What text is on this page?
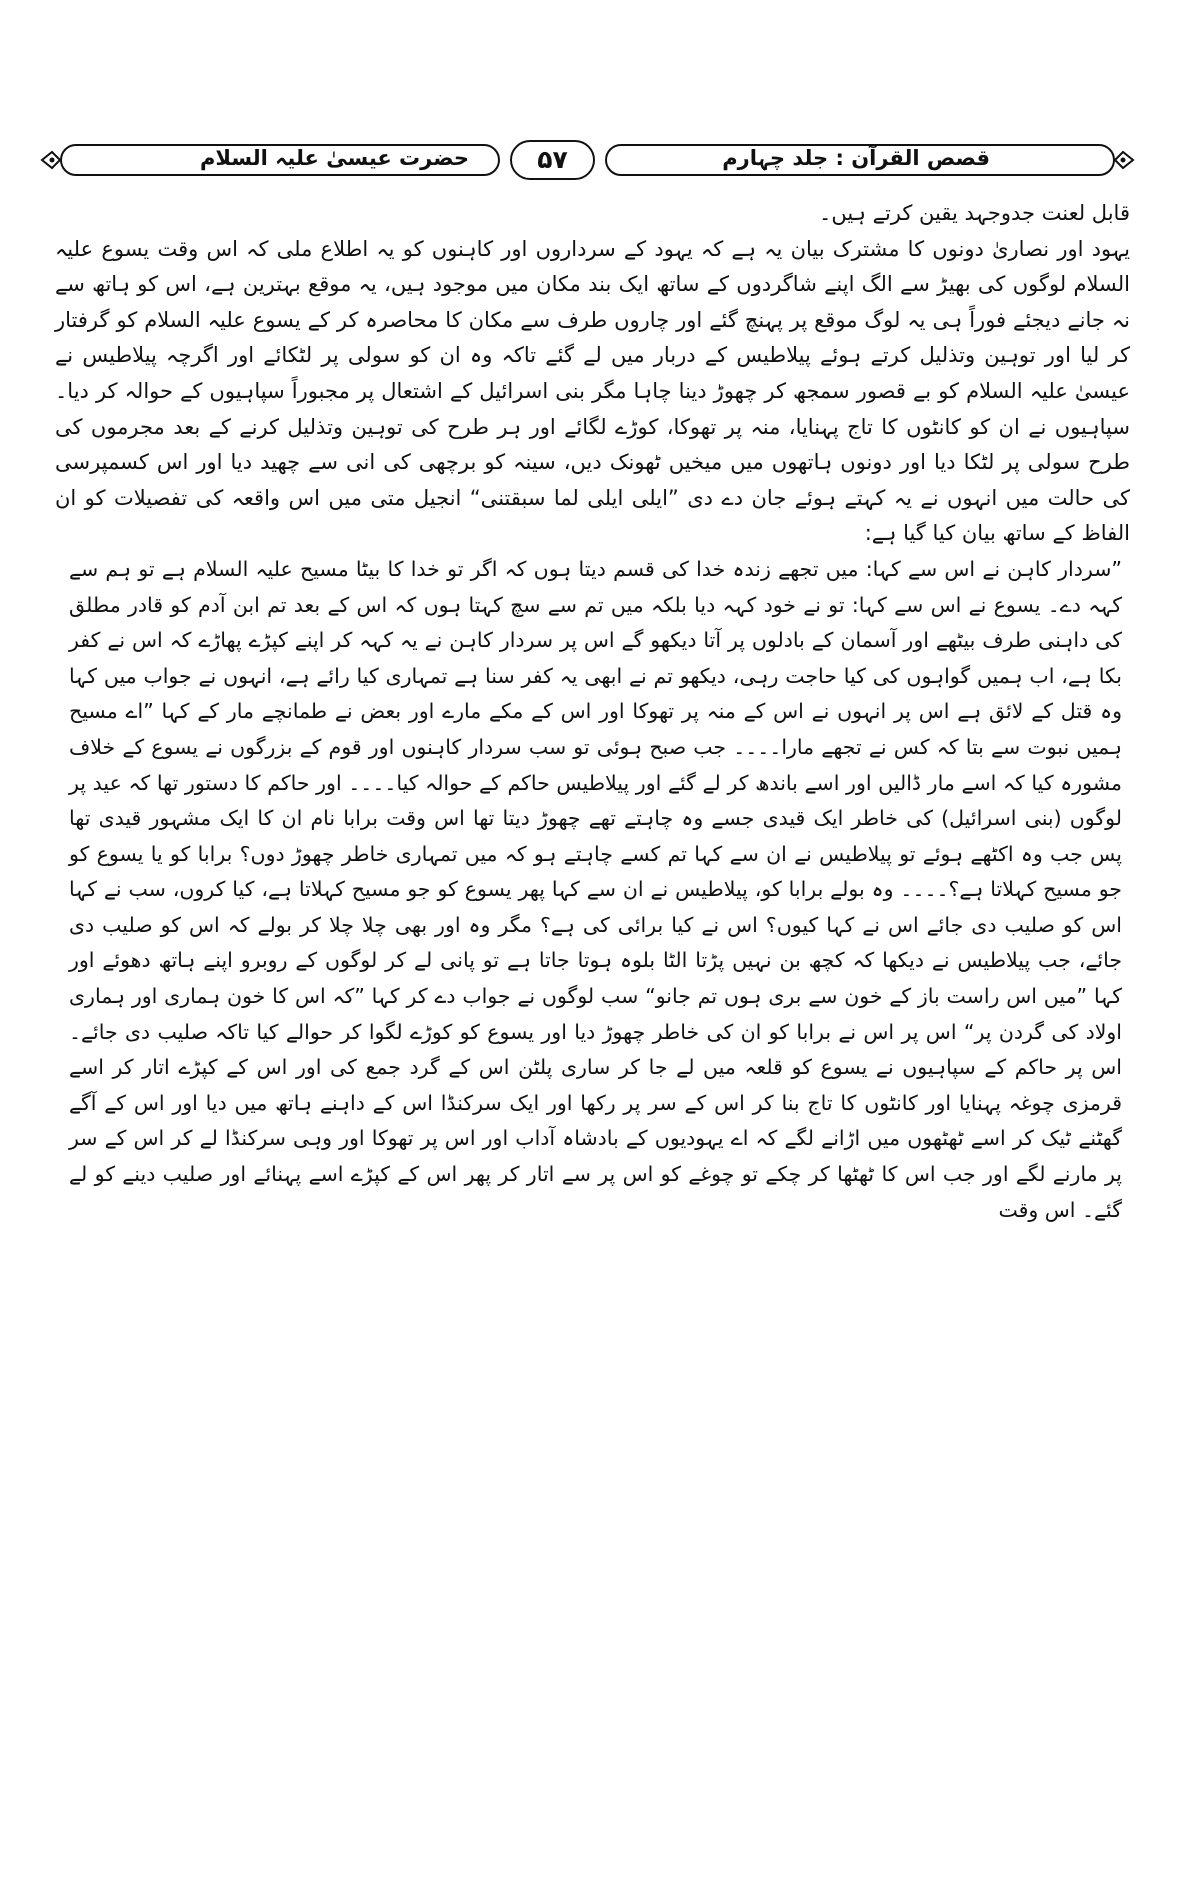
قصص القرآن : جلد چہارم
۵۷
حضرت عیسیٰ علیہ السلام

قابل لعنت جدوجہد یقین کرتے ہیں۔

یہود اور نصاریٰ دونوں کا مشترک بیان یہ ہے کہ یہود کے سرداروں اور کاہنوں کو یہ اطلاع ملی کہ اس وقت یسوع علیہ السلام لوگوں کی بھیڑ سے الگ اپنے شاگردوں کے ساتھ ایک بند مکان میں موجود ہیں، یہ موقع بہترین ہے، اس کو ہاتھ سے نہ جانے دیجئے فوراً ہی یہ لوگ موقع پر پہنچ گئے اور چاروں طرف سے مکان کا محاصرہ کر کے یسوع علیہ السلام کو گرفتار کر لیا اور توہین وتذلیل کرتے ہوئے پیلاطیس کے دربار میں لے گئے تاکہ وہ ان کو سولی پر لٹکائے اور اگرچہ پیلاطیس نے عیسیٰ علیہ السلام کو بے قصور سمجھ کر چھوڑ دینا چاہا مگر بنی اسرائیل کے اشتعال پر مجبوراً سپاہیوں کے حوالہ کر دیا۔ سپاہیوں نے ان کو کانٹوں کا تاج پہنایا، منہ پر تھوکا، کوڑے لگائے اور ہر طرح کی توہین وتذلیل کرنے کے بعد مجرموں کی طرح سولی پر لٹکا دیا اور دونوں ہاتھوں میں میخیں ٹھونک دیں، سینہ کو برچھی کی انی سے چھید دیا اور اس کسمپرسی کی حالت میں انہوں نے یہ کہتے ہوئے جان دے دی ”ایلی ایلی لما سبقتنی“ انجیل متی میں اس واقعہ کی تفصیلات کو ان الفاظ کے ساتھ بیان کیا گیا ہے:

”سردار کاہن نے اس سے کہا: میں تجھے زندہ خدا کی قسم دیتا ہوں کہ اگر تو خدا کا بیٹا مسیح علیہ السلام ہے تو ہم سے کہہ دے۔ یسوع نے اس سے کہا: تو نے خود کہہ دیا بلکہ میں تم سے سچ کہتا ہوں کہ اس کے بعد تم ابن آدم کو قادر مطلق کی داہنی طرف بیٹھے اور آسمان کے بادلوں پر آتا دیکھو گے اس پر سردار کاہن نے یہ کہہ کر اپنے کپڑے پھاڑے کہ اس نے کفر بکا ہے، اب ہمیں گواہوں کی کیا حاجت رہی، دیکھو تم نے ابھی یہ کفر سنا ہے تمہاری کیا رائے ہے، انہوں نے جواب میں کہا وہ قتل کے لائق ہے اس پر انہوں نے اس کے منہ پر تھوکا اور اس کے مکے مارے اور بعض نے طمانچے مار کے کہا ”اے مسیح ہمیں نبوت سے بتا کہ کس نے تجھے مارا۔۔۔۔ جب صبح ہوئی تو سب سردار کاہنوں اور قوم کے بزرگوں نے یسوع کے خلاف مشورہ کیا کہ اسے مار ڈالیں اور اسے باندھ کر لے گئے اور پیلاطیس حاکم کے حوالہ کیا۔۔۔۔ اور حاکم کا دستور تھا کہ عید پر لوگوں (بنی اسرائیل) کی خاطر ایک قیدی جسے وہ چاہتے تھے چھوڑ دیتا تھا اس وقت برابا نام ان کا ایک مشہور قیدی تھا پس جب وہ اکٹھے ہوئے تو پیلاطیس نے ان سے کہا تم کسے چاہتے ہو کہ میں تمہاری خاطر چھوڑ دوں؟ برابا کو یا یسوع کو جو مسیح کہلاتا ہے؟۔۔۔۔ وہ بولے برابا کو، پیلاطیس نے ان سے کہا پھر یسوع کو جو مسیح کہلاتا ہے، کیا کروں، سب نے کہا اس کو صلیب دی جائے اس نے کہا کیوں؟ اس نے کیا برائی کی ہے؟ مگر وہ اور بھی چلا چلا کر بولے کہ اس کو صلیب دی جائے، جب پیلاطیس نے دیکھا کہ کچھ بن نہیں پڑتا الٹا بلوہ ہوتا جاتا ہے تو پانی لے کر لوگوں کے روبرو اپنے ہاتھ دھوئے اور کہا ”میں اس راست باز کے خون سے بری ہوں تم جانو“ سب لوگوں نے جواب دے کر کہا ”کہ اس کا خون ہماری اور ہماری اولاد کی گردن پر“ اس پر اس نے برابا کو ان کی خاطر چھوڑ دیا اور یسوع کو کوڑے لگوا کر حوالے کیا تاکہ صلیب دی جائے۔ اس پر حاکم کے سپاہیوں نے یسوع کو قلعہ میں لے جا کر ساری پلٹن اس کے گرد جمع کی اور اس کے کپڑے اتار کر اسے قرمزی چوغہ پہنایا اور کانٹوں کا تاج بنا کر اس کے سر پر رکھا اور ایک سرکنڈا اس کے داہنے ہاتھ میں دیا اور اس کے آگے گھٹنے ٹیک کر اسے ٹھٹھوں میں اڑانے لگے کہ اے یہودیوں کے بادشاہ آداب اور اس پر تھوکا اور وہی سرکنڈا لے کر اس کے سر پر مارنے لگے اور جب اس کا ٹھٹھا کر چکے تو چوغے کو اس پر سے اتار کر پھر اس کے کپڑے اسے پہنائے اور صلیب دینے کو لے گئے۔ اس وقت
